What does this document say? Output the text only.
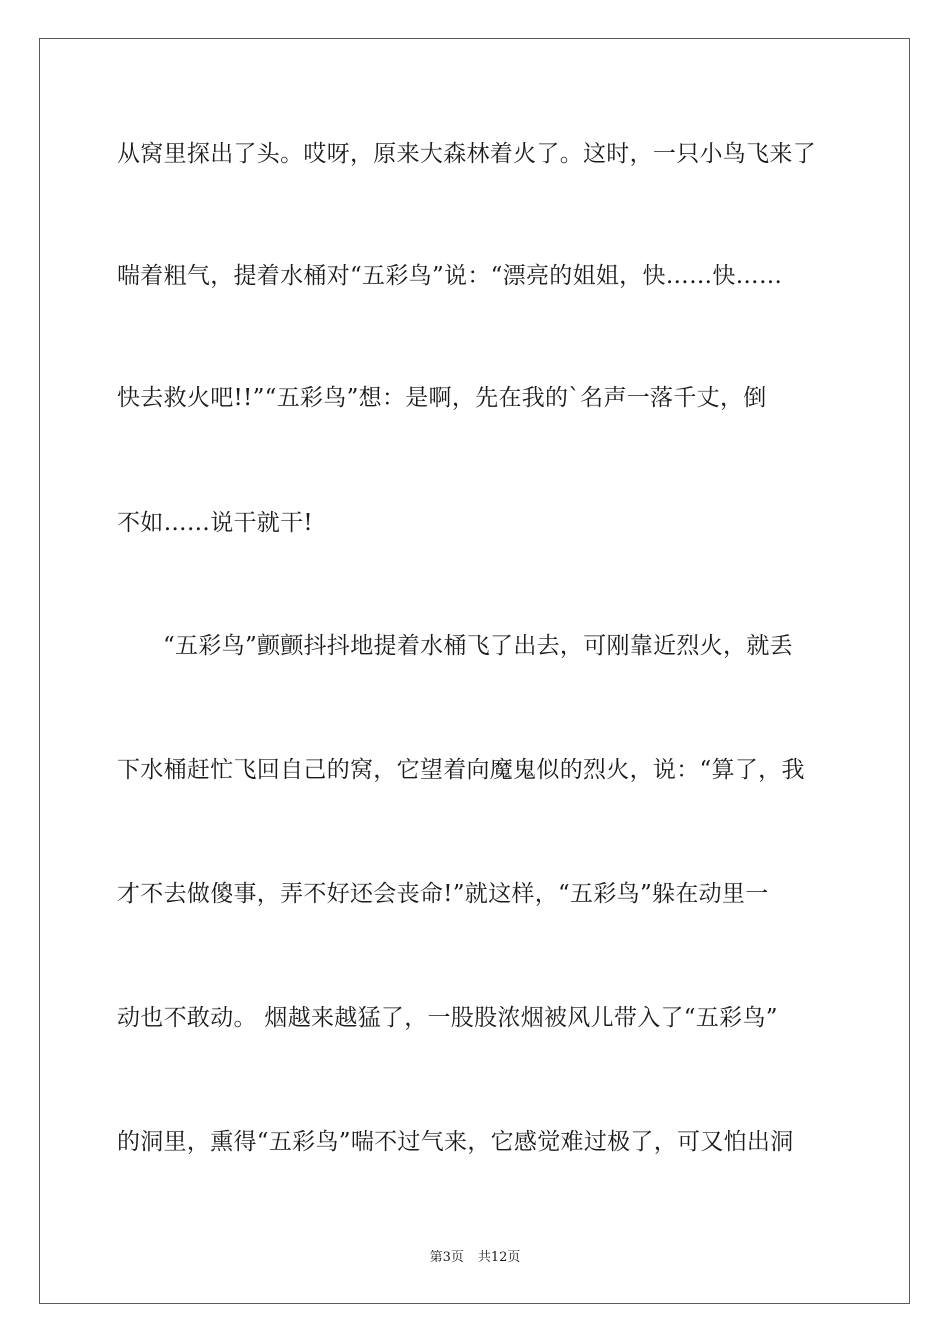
从窝里探出了头。哎呀，原来大森林着火了。这时，一只小鸟飞来了
喘着粗气，提着水桶对“五彩鸟”说：“漂亮的姐姐，快……快……
快去救火吧!!”“五彩鸟”想：是啊，先在我的`名声一落千丈，倒
不如……说干就干!
“五彩鸟”颤颤抖抖地提着水桶飞了出去，可刚靠近烈火，就丢
下水桶赶忙飞回自己的窝，它望着向魔鬼似的烈火，说：“算了，我
才不去做傻事，弄不好还会丧命!”就这样，“五彩鸟”躲在动里一
动也不敢动。 烟越来越猛了，一股股浓烟被风儿带入了“五彩鸟”
的洞里，熏得“五彩鸟”喘不过气来，它感觉难过极了，可又怕出洞
第3页 共12页
